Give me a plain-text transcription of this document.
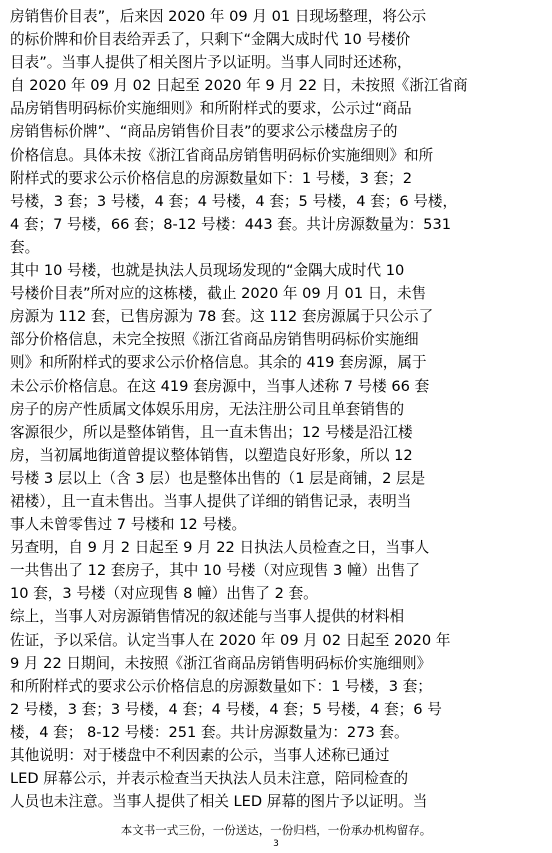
房销售价目表”，后来因 2020 年 09 月 01 日现场整理，将公示
的标价牌和价目表给弄丢了，只剩下“金隅大成时代 10 号楼价
目表”。当事人提供了相关图片予以证明。当事人同时还述称，
自 2020 年 09 月 02 日起至 2020 年 9 月 22 日，未按照《浙江省商
品房销售明码标价实施细则》和所附样式的要求，公示过“商品
房销售标价牌”、“商品房销售价目表”的要求公示楼盘房子的
价格信息。具体未按《浙江省商品房销售明码标价实施细则》和所
附样式的要求公示价格信息的房源数量如下：1 号楼，3 套；2
号楼，3 套；3 号楼，4 套；4 号楼，4 套；5 号楼，4 套；6 号楼，
4 套；7 号楼，66 套；8-12 号楼：443 套。共计房源数量为：531
套。
其中 10 号楼，也就是执法人员现场发现的“金隅大成时代 10
号楼价目表”所对应的这栋楼，截止 2020 年 09 月 01 日，未售
房源为 112 套，已售房源为 78 套。这 112 套房源属于只公示了
部分价格信息，未完全按照《浙江省商品房销售明码标价实施细
则》和所附样式的要求公示价格信息。其余的 419 套房源，属于
未公示价格信息。在这 419 套房源中，当事人述称 7 号楼 66 套
房子的房产性质属文体娱乐用房，无法注册公司且单套销售的
客源很少，所以是整体销售，且一直未售出；12 号楼是沿江楼
房，当初属地街道曾提议整体销售，以塑造良好形象，所以 12
号楼 3 层以上（含 3 层）也是整体出售的（1 层是商铺，2 层是
裙楼），且一直未售出。当事人提供了详细的销售记录，表明当
事人未曾零售过 7 号楼和 12 号楼。
另查明，自 9 月 2 日起至 9 月 22 日执法人员检查之日，当事人
一共售出了 12 套房子，其中 10 号楼（对应现售 3 幢）出售了
10 套，3 号楼（对应现售 8 幢）出售了 2 套。
综上，当事人对房源销售情况的叙述能与当事人提供的材料相
佐证，予以采信。认定当事人在 2020 年 09 月 02 日起至 2020 年
9 月 22 日期间，未按照《浙江省商品房销售明码标价实施细则》
和所附样式的要求公示价格信息的房源数量如下：1 号楼，3 套；
2 号楼，3 套；3 号楼，4 套；4 号楼，4 套；5 号楼，4 套；6 号
楼，4 套； 8-12 号楼：251 套。共计房源数量为：273 套。
其他说明：对于楼盘中不利因素的公示，当事人述称已通过
LED 屏幕公示，并表示检查当天执法人员未注意，陪同检查的
人员也未注意。当事人提供了相关 LED 屏幕的图片予以证明。当
本文书一式三份，一份送达，一份归档，一份承办机构留存。
3
